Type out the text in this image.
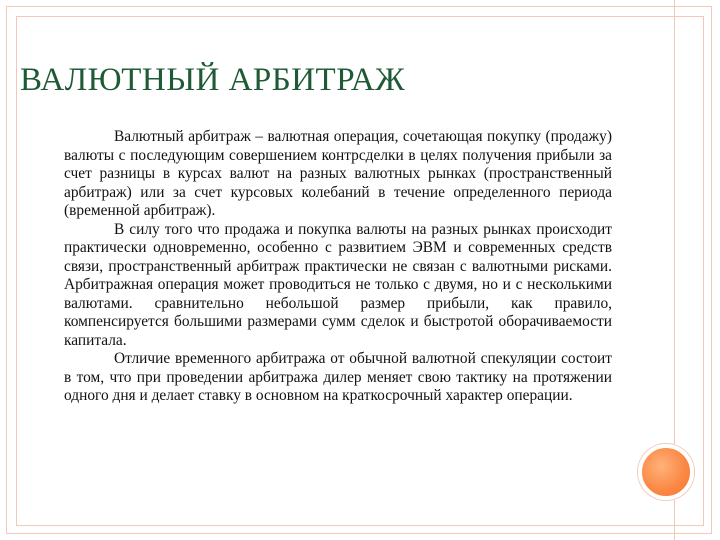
ВАЛЮТНЫЙ АРБИТРАЖ

Валютный арбитраж – валютная операция, сочетающая покупку (продажу) валюты с последующим совершением контрсделки в целях получения прибыли за счет разницы в курсах валют на разных валютных рынках (пространственный арбитраж) или за счет курсовых колебаний в течение определенного периода (временной арбитраж).

В силу того что продажа и покупка валюты на разных рынках происходит практически одновременно, особенно с развитием ЭВМ и современных средств связи, пространственный арбитраж практически не связан с валютными рисками. Арбитражная операция может проводиться не только с двумя, но и с несколькими валютами. сравнительно небольшой размер прибыли, как правило, компенсируется большими размерами сумм сделок и быстротой оборачиваемости капитала.

Отличие временного арбитража от обычной валютной спекуляции состоит в том, что при проведении арбитража дилер меняет свою тактику на протяжении одного дня и делает ставку в основном на краткосрочный характер операции.
